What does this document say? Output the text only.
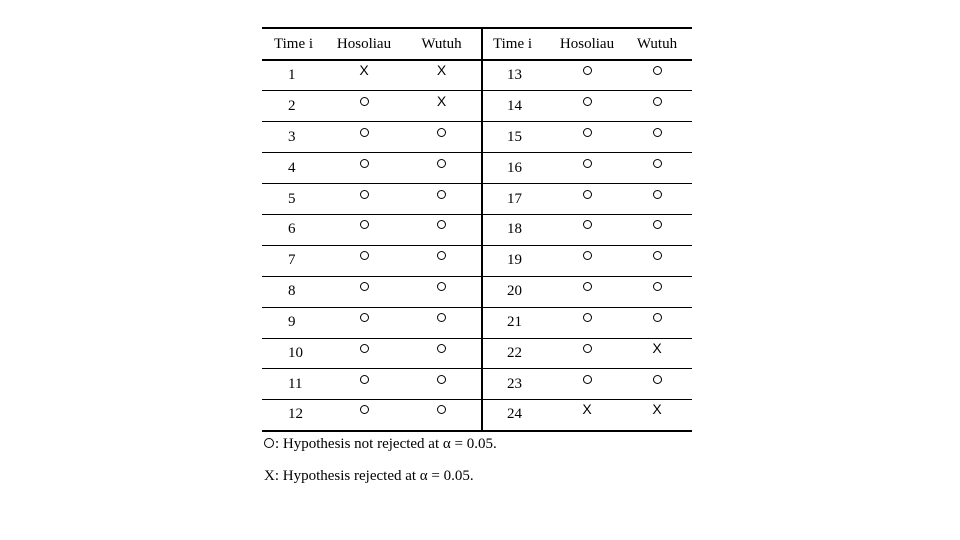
Time i	Hosoliau	Wutuh	Time i	Hosoliau	Wutuh
1	X	X	13		
2		X	14		
3			15		
4			16		
5			17		
6			18		
7			19		
8			20		
9			21		
10			22		X
11			23		
12			24	X	X
: Hypothesis not rejected at α = 0.05.
X: Hypothesis rejected at α = 0.05.
